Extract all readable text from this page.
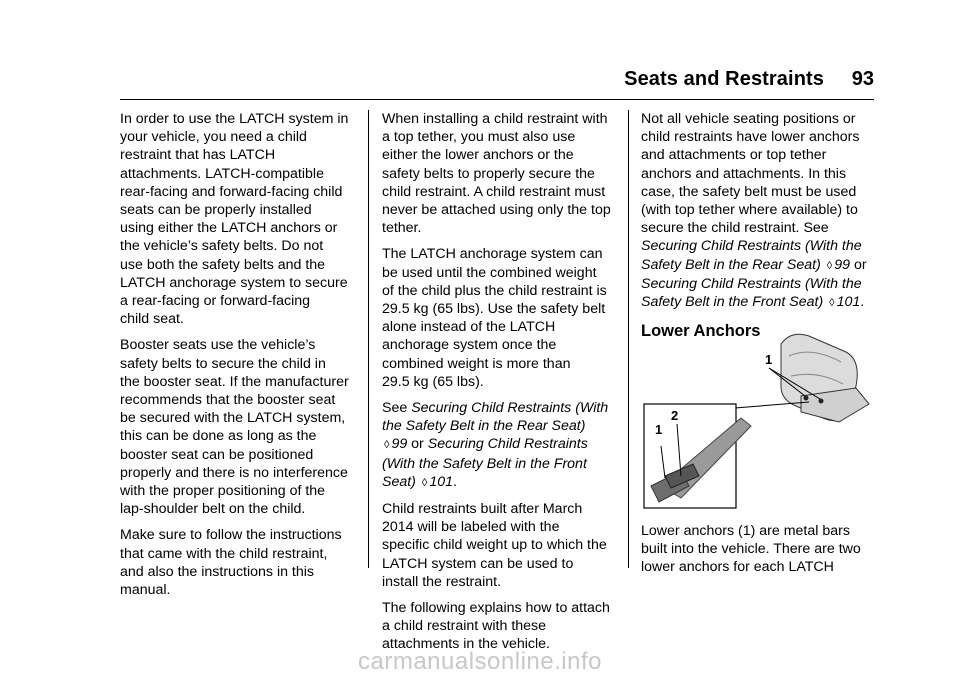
Seats and Restraints 93

In order to use the LATCH system in
your vehicle, you need a child
restraint that has LATCH
attachments. LATCH-compatible
rear-facing and forward-facing child
seats can be properly installed
using either the LATCH anchors or
the vehicle’s safety belts. Do not
use both the safety belts and the
LATCH anchorage system to secure
a rear-facing or forward-facing
child seat.

Booster seats use the vehicle’s
safety belts to secure the child in
the booster seat. If the manufacturer
recommends that the booster seat
be secured with the LATCH system,
this can be done as long as the
booster seat can be positioned
properly and there is no interference
with the proper positioning of the
lap-shoulder belt on the child.

Make sure to follow the instructions
that came with the child restraint,
and also the instructions in this
manual.

When installing a child restraint with
a top tether, you must also use
either the lower anchors or the
safety belts to properly secure the
child restraint. A child restraint must
never be attached using only the top
tether.

The LATCH anchorage system can
be used until the combined weight
of the child plus the child restraint is
29.5 kg (65 lbs). Use the safety belt
alone instead of the LATCH
anchorage system once the
combined weight is more than
29.5 kg (65 lbs).

See Securing Child Restraints (With
the Safety Belt in the Rear Seat)
◊ 99 or Securing Child Restraints
(With the Safety Belt in the Front
Seat) ◊ 101.

Child restraints built after March
2014 will be labeled with the
specific child weight up to which the
LATCH system can be used to
install the restraint.

The following explains how to attach
a child restraint with these
attachments in the vehicle.

Not all vehicle seating positions or
child restraints have lower anchors
and attachments or top tether
anchors and attachments. In this
case, the safety belt must be used
(with top tether where available) to
secure the child restraint. See
Securing Child Restraints (With the
Safety Belt in the Rear Seat) ◊ 99 or
Securing Child Restraints (With the
Safety Belt in the Front Seat) ◊ 101.

Lower Anchors
1
2
1
Lower anchors (1) are metal bars
built into the vehicle. There are two
lower anchors for each LATCH
carmanualsonline.info
